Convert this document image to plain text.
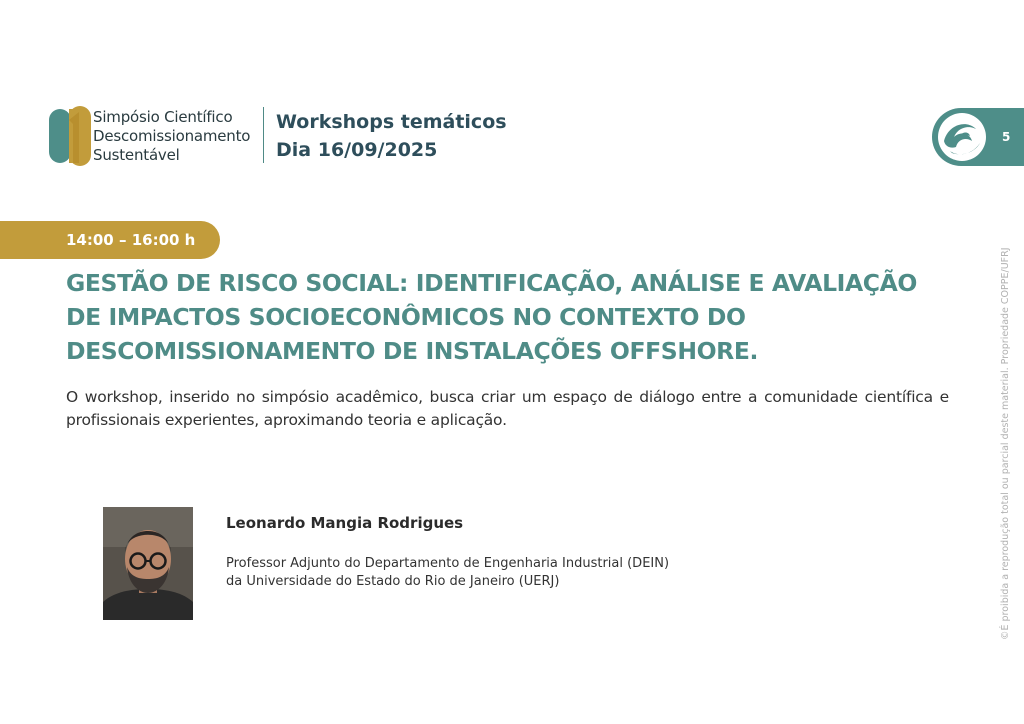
Simpósio Científico
Descomissionamento
Sustentável
Workshops temáticos
Dia 16/09/2025
5
14:00 – 16:00 h
GESTÃO DE RISCO SOCIAL: IDENTIFICAÇÃO, ANÁLISE E AVALIAÇÃO DE IMPACTOS SOCIOECONÔMICOS NO CONTEXTO DO DESCOMISSIONAMENTO DE INSTALAÇÕES OFFSHORE.

O workshop, inserido no simpósio acadêmico, busca criar um espaço de diálogo entre a comunidade científica e profissionais experientes, aproximando teoria e aplicação.

Leonardo Mangia Rodrigues
Professor Adjunto do Departamento de Engenharia Industrial (DEIN)
da Universidade do Estado do Rio de Janeiro (UERJ)	©É proibida a reprodução total ou parcial deste material. Propriedade COPPE/UFRJ
